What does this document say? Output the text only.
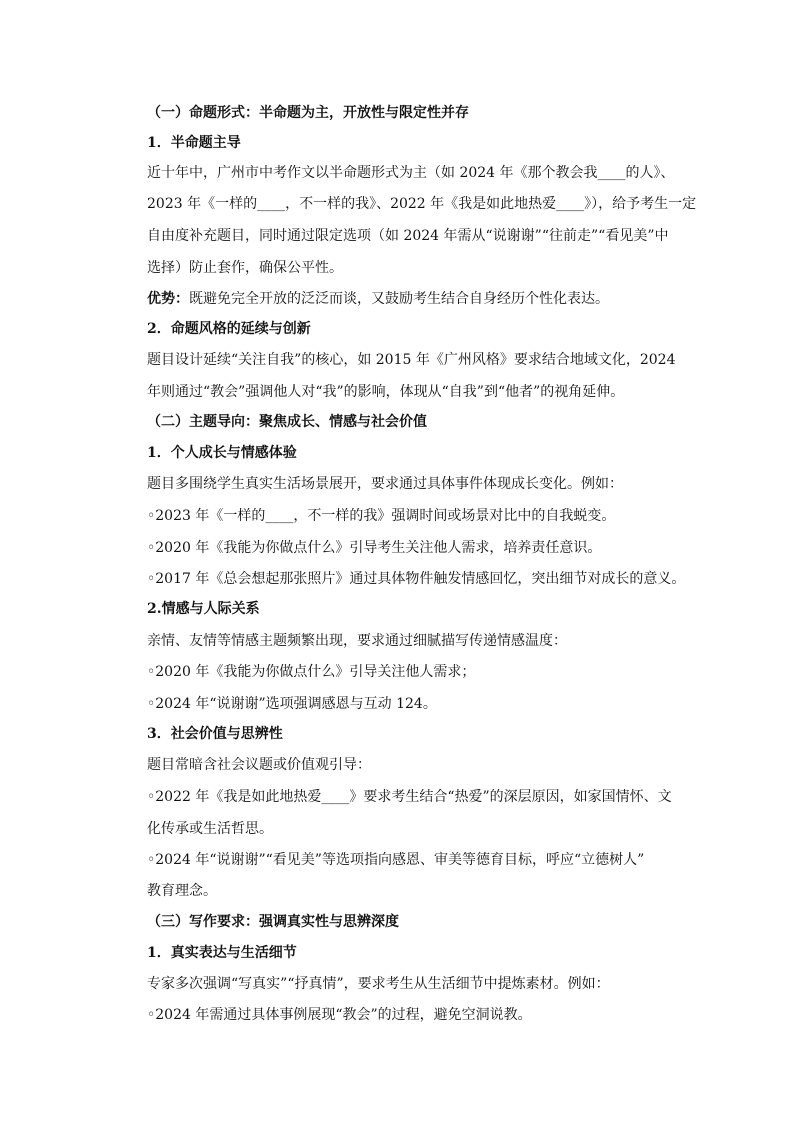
（一）命题形式：半命题为主，开放性与限定性并存
1．半命题主导
近十年中，广州市中考作文以半命题形式为主（如 2024 年《那个教会我____的人》、
2023 年《一样的____，不一样的我》、2022 年《我是如此地热爱____》），给予考生一定
自由度补充题目，同时通过限定选项（如 2024 年需从“说谢谢”“往前走”“看见美”中
选择）防止套作，确保公平性。
优势：既避免完全开放的泛泛而谈，又鼓励考生结合自身经历个性化表达。
2．命题风格的延续与创新
题目设计延续“关注自我”的核心，如 2015 年《广州风格》要求结合地域文化，2024
年则通过“教会”强调他人对“我”的影响，体现从“自我”到“他者”的视角延伸。
（二）主题导向：聚焦成长、情感与社会价值
1．个人成长与情感体验
题目多围绕学生真实生活场景展开，要求通过具体事件体现成长变化。例如：
◦2023 年《一样的____，不一样的我》强调时间或场景对比中的自我蜕变。
◦2020 年《我能为你做点什么》引导考生关注他人需求，培养责任意识。
◦2017 年《总会想起那张照片》通过具体物件触发情感回忆，突出细节对成长的意义。
2.情感与人际关系
亲情、友情等情感主题频繁出现，要求通过细腻描写传递情感温度：
◦2020 年《我能为你做点什么》引导关注他人需求；
◦2024 年“说谢谢”选项强调感恩与互动 124。
3．社会价值与思辨性
题目常暗含社会议题或价值观引导：
◦2022 年《我是如此地热爱____》要求考生结合“热爱”的深层原因，如家国情怀、文
化传承或生活哲思。
◦2024 年“说谢谢”“看见美”等选项指向感恩、审美等德育目标，呼应“立德树人”
教育理念。
（三）写作要求：强调真实性与思辨深度
1．真实表达与生活细节
专家多次强调“写真实”“抒真情”，要求考生从生活细节中提炼素材。例如：
◦2024 年需通过具体事例展现“教会”的过程，避免空洞说教。
